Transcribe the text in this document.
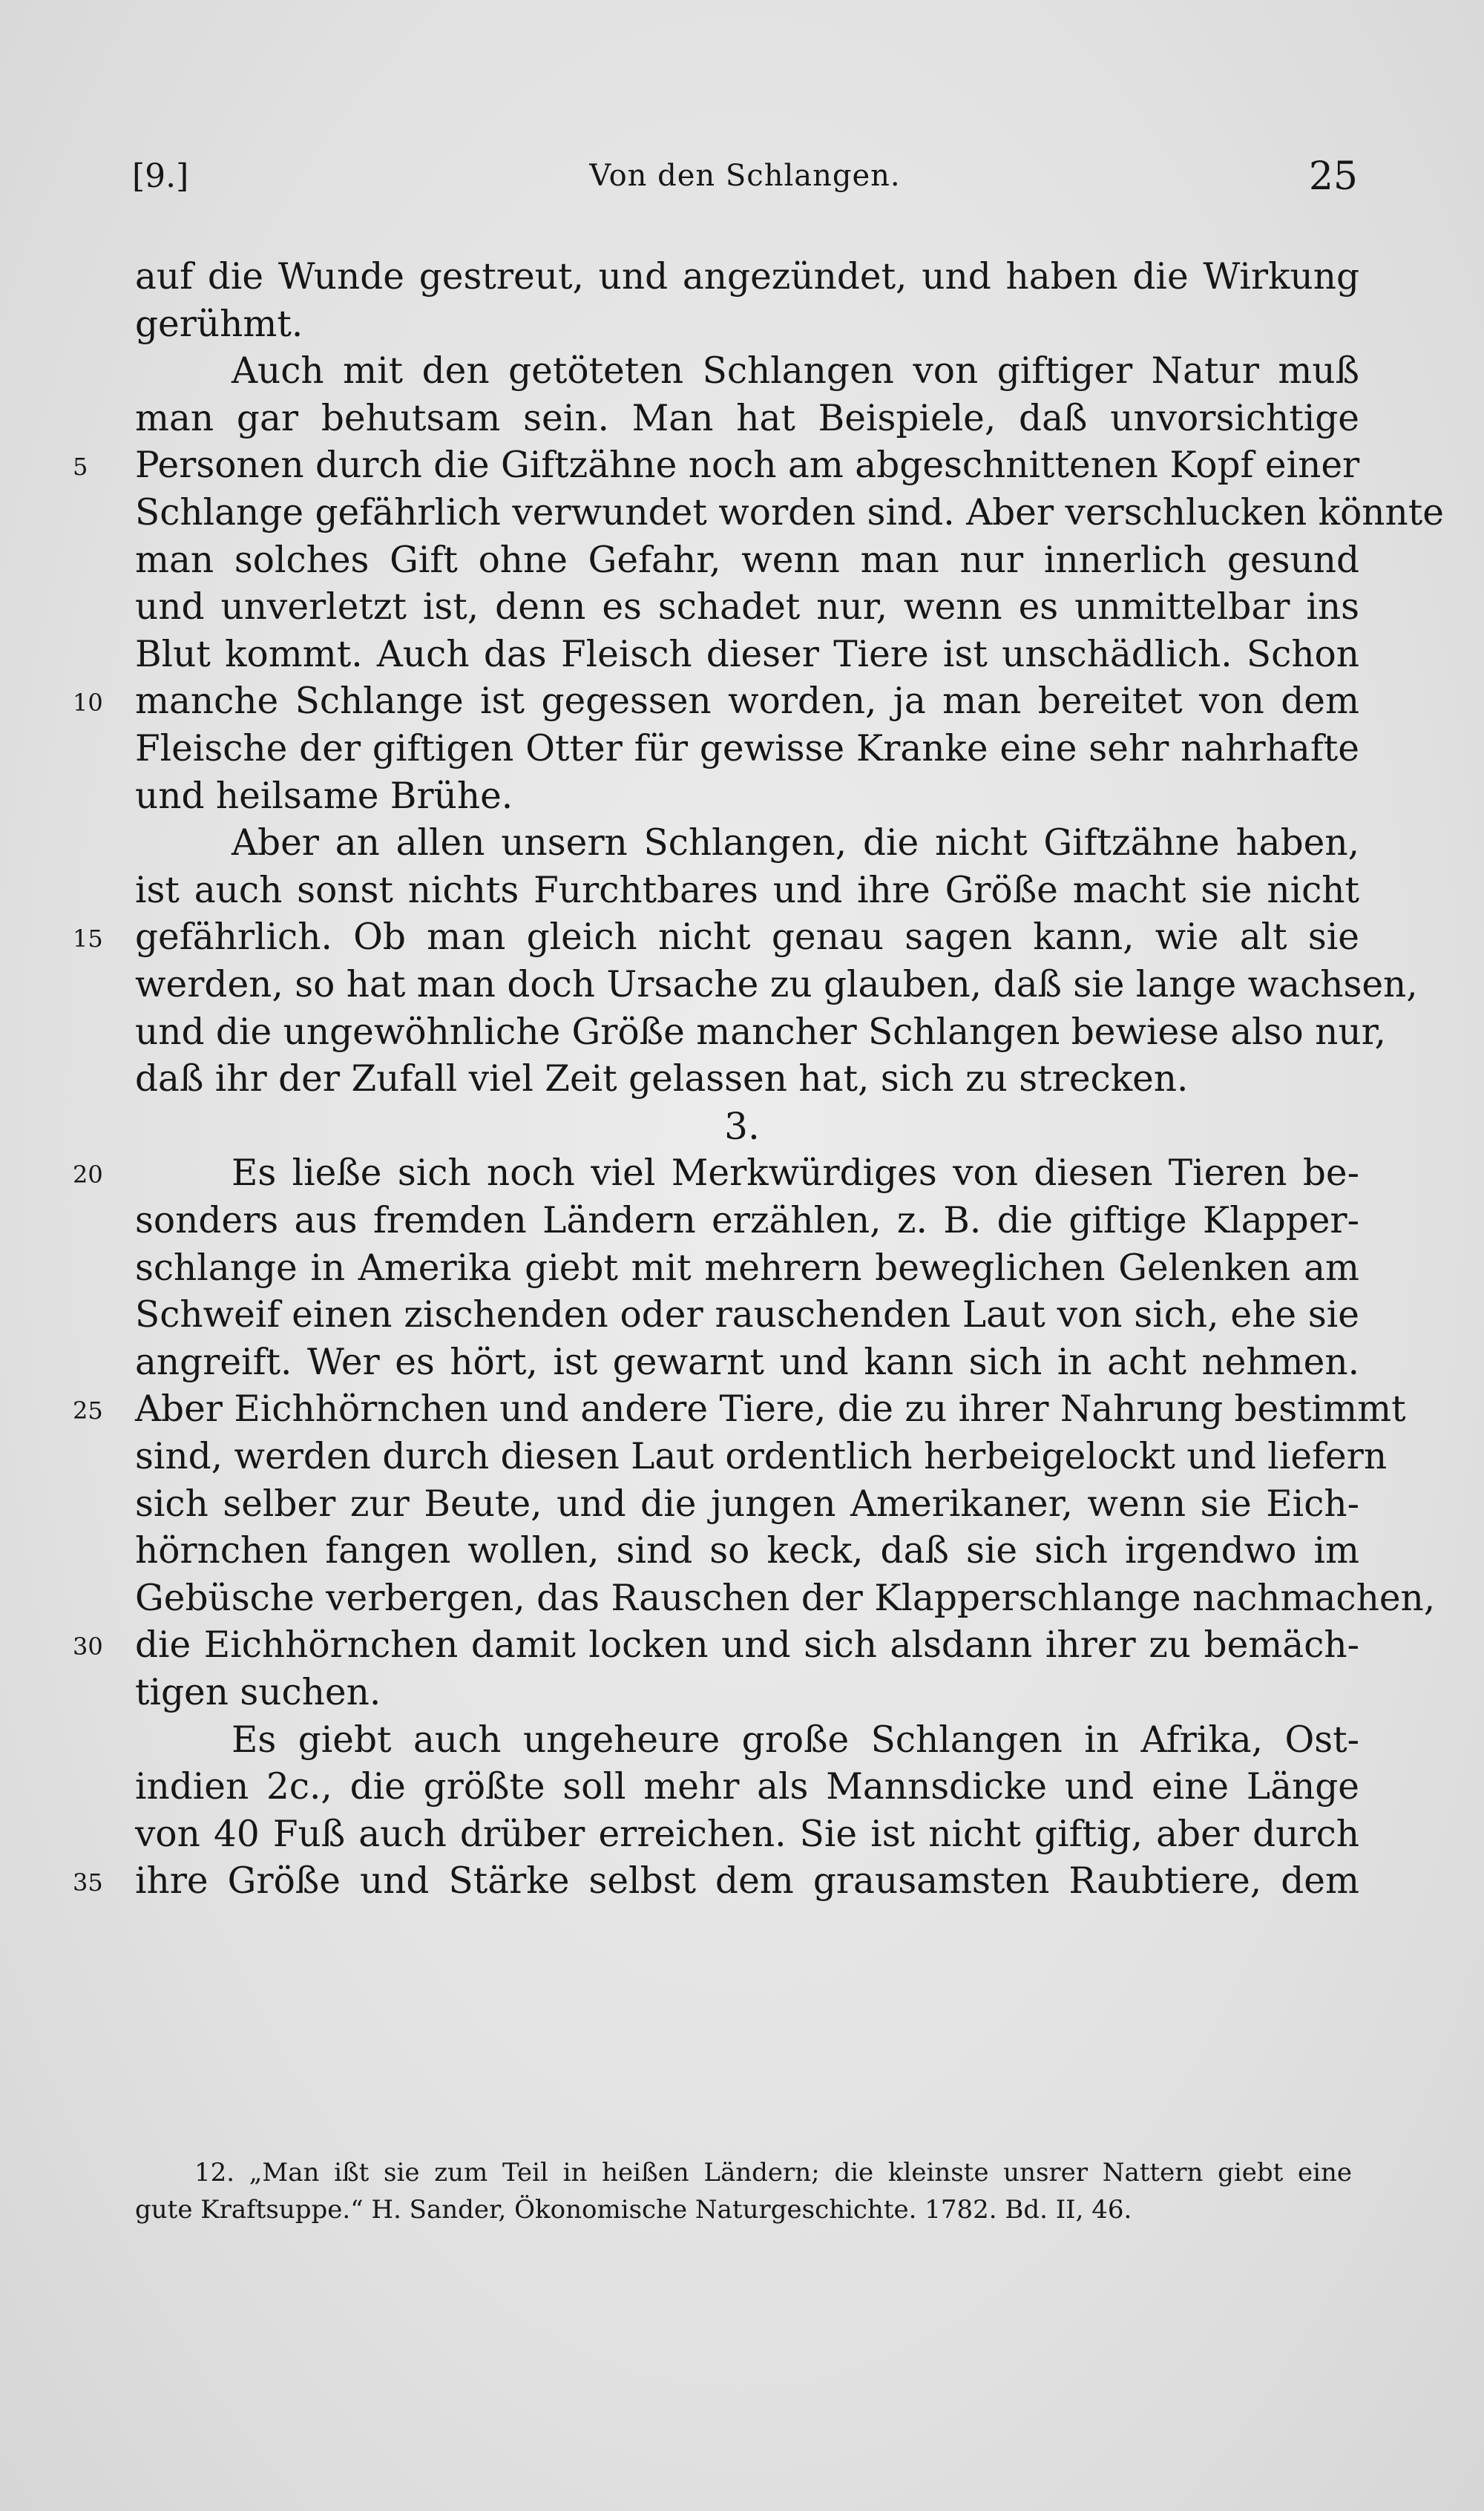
[9.]	Von den Schlangen.	25
auf die Wunde gestreut, und angezündet, und haben die Wirkung
gerühmt.
Auch mit den getöteten Schlangen von giftiger Natur muß
man gar behutsam sein. Man hat Beispiele, daß unvorsichtige
5	Personen durch die Giftzähne noch am abgeschnittenen Kopf einer
Schlange gefährlich verwundet worden sind. Aber verschlucken könnte
man solches Gift ohne Gefahr, wenn man nur innerlich gesund
und unverletzt ist, denn es schadet nur, wenn es unmittelbar ins
Blut kommt. Auch das Fleisch dieser Tiere ist unschädlich. Schon
10 manche Schlange ist gegessen worden, ja man bereitet von dem
Fleische der giftigen Otter für gewisse Kranke eine sehr nahrhafte
und heilsame Brühe.
Aber an allen unsern Schlangen, die nicht Giftzähne haben,
ist auch sonst nichts Furchtbares und ihre Größe macht sie nicht
15 gefährlich. Ob man gleich nicht genau sagen kann, wie alt sie
werden, so hat man doch Ursache zu glauben, daß sie lange wachsen,
und die ungewöhnliche Größe mancher Schlangen bewiese also nur,
daß ihr der Zufall viel Zeit gelassen hat, sich zu strecken.
3.
20	Es ließe sich noch viel Merkwürdiges von diesen Tieren be-
sonders aus fremden Ländern erzählen, z. B. die giftige Klapper-
schlange in Amerika giebt mit mehrern beweglichen Gelenken am
Schweif einen zischenden oder rauschenden Laut von sich, ehe sie
angreift. Wer es hört, ist gewarnt und kann sich in acht nehmen.
25 Aber Eichhörnchen und andere Tiere, die zu ihrer Nahrung bestimmt
sind, werden durch diesen Laut ordentlich herbeigelockt und liefern
sich selber zur Beute, und die jungen Amerikaner, wenn sie Eich-
hörnchen fangen wollen, sind so keck, daß sie sich irgendwo im
Gebüsche verbergen, das Rauschen der Klapperschlange nachmachen,
30 die Eichhörnchen damit locken und sich alsdann ihrer zu bemäch-
tigen suchen.
Es giebt auch ungeheure große Schlangen in Afrika, Ost-
indien 2c., die größte soll mehr als Mannsdicke und eine Länge
von 40 Fuß auch drüber erreichen. Sie ist nicht giftig, aber durch
35 ihre Größe und Stärke selbst dem grausamsten Raubtiere, dem
12. „Man ißt sie zum Teil in heißen Ländern; die kleinste unsrer Nattern giebt eine
gute Kraftsuppe.“ H. Sander, Ökonomische Naturgeschichte. 1782. Bd. II, 46.
